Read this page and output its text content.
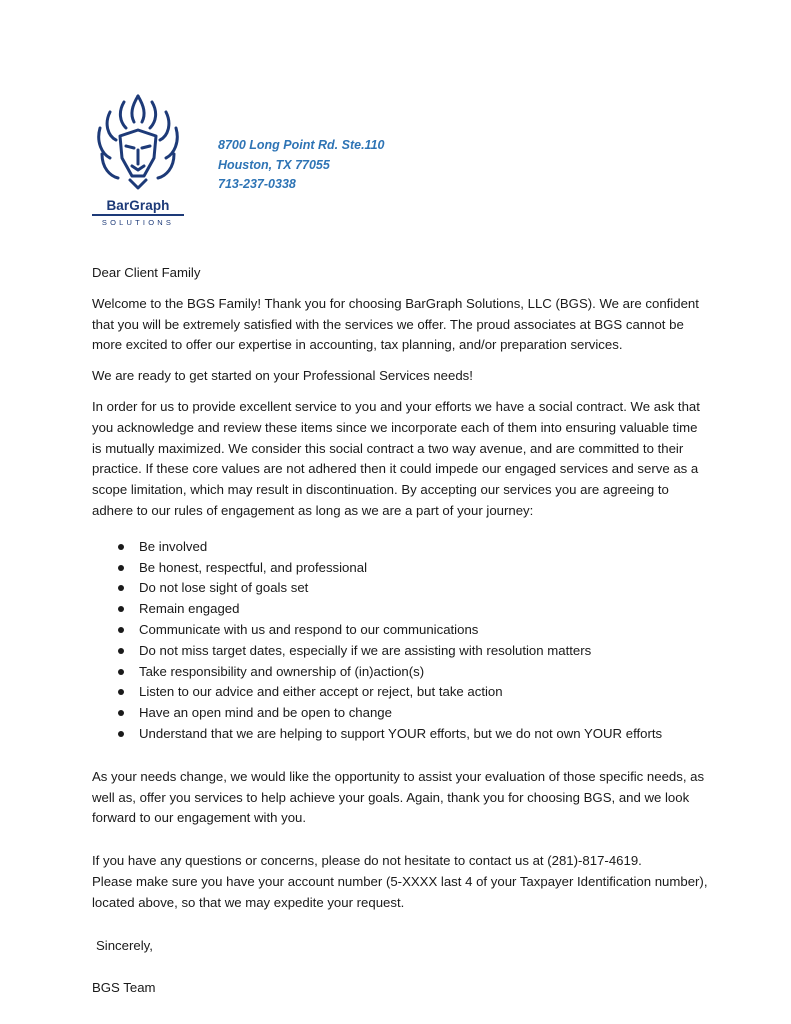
BarGraph
SOLUTIONS
8700 Long Point Rd. Ste.110
Houston, TX 77055
713-237-0338

Dear Client Family

Welcome to the BGS Family! Thank you for choosing BarGraph Solutions, LLC (BGS). We are confident
that you will be extremely satisfied with the services we offer. The proud associates at BGS cannot be
more excited to offer our expertise in accounting, tax planning, and/or preparation services.

We are ready to get started on your Professional Services needs!

In order for us to provide excellent service to you and your efforts we have a social contract. We ask that
you acknowledge and review these items since we incorporate each of them into ensuring valuable time
is mutually maximized. We consider this social contract a two way avenue, and are committed to their
practice. If these core values are not adhered then it could impede our engaged services and serve as a
scope limitation, which may result in discontinuation. By accepting our services you are agreeing to
adhere to our rules of engagement as long as we are a part of your journey:

Be involved
Be honest, respectful, and professional
Do not lose sight of goals set
Remain engaged
Communicate with us and respond to our communications
Do not miss target dates, especially if we are assisting with resolution matters
Take responsibility and ownership of (in)action(s)
Listen to our advice and either accept or reject, but take action
Have an open mind and be open to change
Understand that we are helping to support YOUR efforts, but we do not own YOUR efforts

As your needs change, we would like the opportunity to assist your evaluation of those specific needs, as
well as, offer you services to help achieve your goals. Again, thank you for choosing BGS, and we look
forward to our engagement with you.

If you have any questions or concerns, please do not hesitate to contact us at (281)-817-4619.
Please make sure you have your account number (5-XXXX last 4 of your Taxpayer Identification number),
located above, so that we may expedite your request.

Sincerely,

BGS Team
